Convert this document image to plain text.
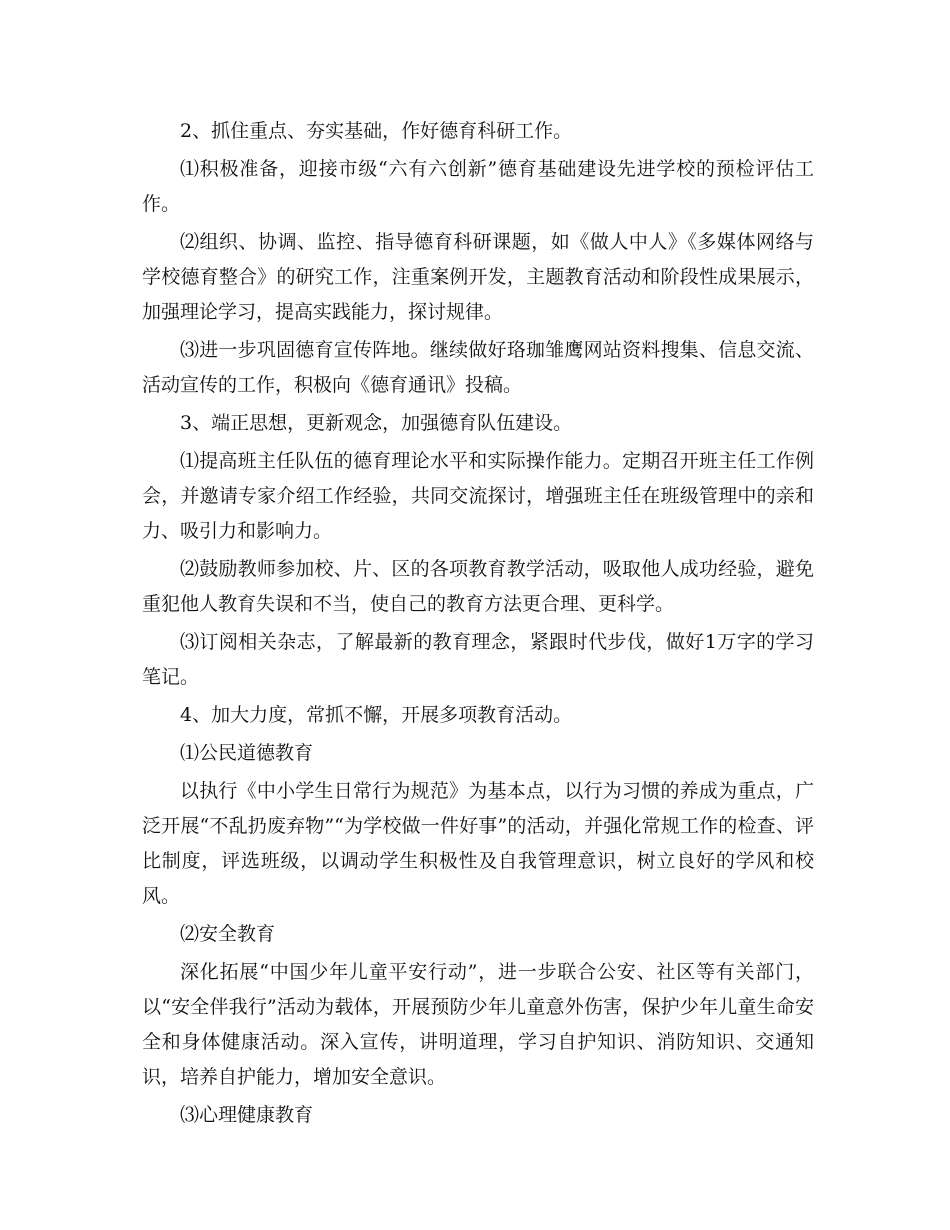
2、抓住重点、夯实基础，作好德育科研工作。

⑴积极准备，迎接市级“六有六创新”德育基础建设先进学校的预检评估工作。

⑵组织、协调、监控、指导德育科研课题，如《做人中人》《多媒体网络与学校德育整合》的研究工作，注重案例开发，主题教育活动和阶段性成果展示，加强理论学习，提高实践能力，探讨规律。

⑶进一步巩固德育宣传阵地。继续做好珞珈雏鹰网站资料搜集、信息交流、活动宣传的工作，积极向《德育通讯》投稿。

3、端正思想，更新观念，加强德育队伍建设。

⑴提高班主任队伍的德育理论水平和实际操作能力。定期召开班主任工作例会，并邀请专家介绍工作经验，共同交流探讨，增强班主任在班级管理中的亲和力、吸引力和影响力。

⑵鼓励教师参加校、片、区的各项教育教学活动，吸取他人成功经验，避免重犯他人教育失误和不当，使自己的教育方法更合理、更科学。

⑶订阅相关杂志，了解最新的教育理念，紧跟时代步伐，做好1万字的学习笔记。

4、加大力度，常抓不懈，开展多项教育活动。

⑴公民道德教育

以执行《中小学生日常行为规范》为基本点，以行为习惯的养成为重点，广泛开展“不乱扔废弃物”“为学校做一件好事”的活动，并强化常规工作的检查、评比制度，评选班级，以调动学生积极性及自我管理意识，树立良好的学风和校风。

⑵安全教育

深化拓展“中国少年儿童平安行动”，进一步联合公安、社区等有关部门，以“安全伴我行”活动为载体，开展预防少年儿童意外伤害，保护少年儿童生命安全和身体健康活动。深入宣传，讲明道理，学习自护知识、消防知识、交通知识，培养自护能力，增加安全意识。

⑶心理健康教育
